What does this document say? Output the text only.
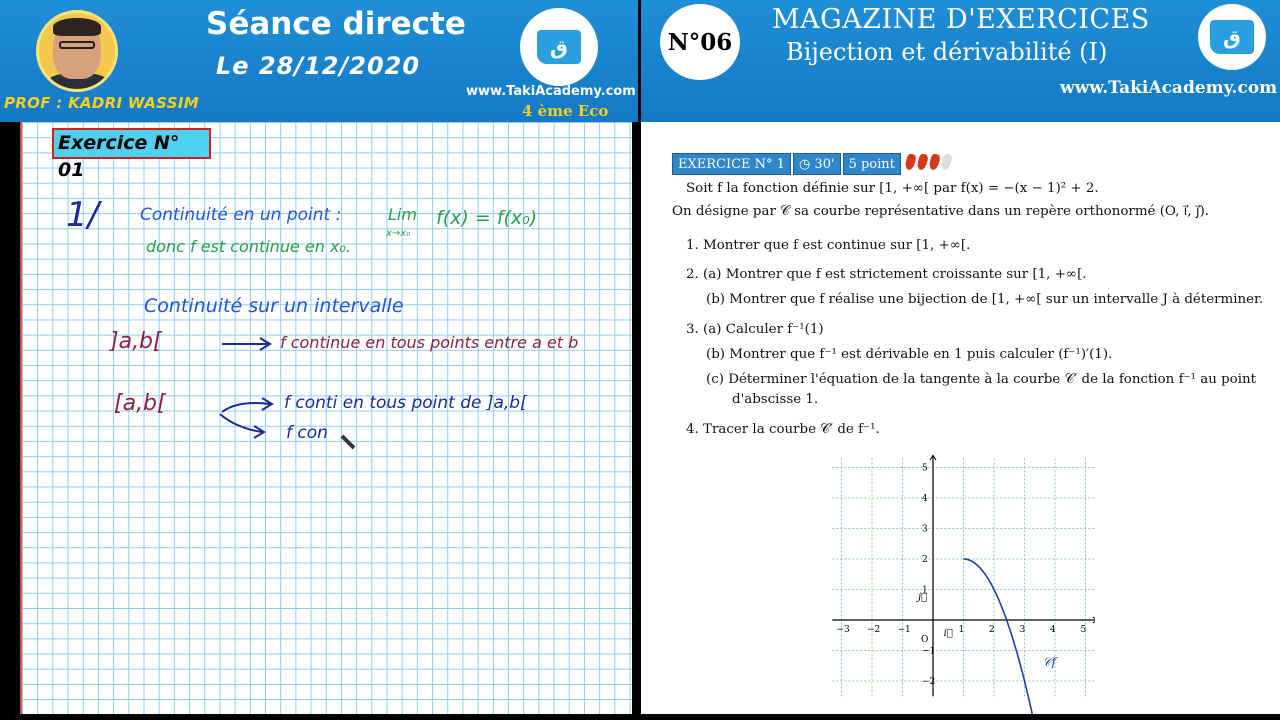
PROF : KADRI WASSIM
Séance directe
Le 28/12/2020
ق
www.TakiAcademy.com
4 ème Eco
Exercice N° 01
1/ Continuité en un point :	Lim
x→x₀
f(x) = f(x₀)
donc f est continue en x₀.
Continuité sur un intervalle
]a,b[	f continue en tous points entre a et b
[a,b[	f conti en tous point de ]a,b[
f con
N°06
MAGAZINE D'EXERCICES
Bijection et dérivabilité (I)
ق
www.TakiAcademy.com
EXERCICE N° 1	◷ 30'	5 point
Soit f la fonction définie sur [1, +∞[ par f(x) = −(x − 1)² + 2.
On désigne par 𝒞 sa courbe représentative dans un repère orthonormé (O, i⃗, j⃗).
1. Montrer que f est continue sur [1, +∞[.
2. (a) Montrer que f est strictement croissante sur [1, +∞[.
(b) Montrer que f réalise une bijection de [1, +∞[ sur un intervalle J à déterminer.
3. (a) Calculer f⁻¹(1)
(b) Montrer que f⁻¹ est dérivable en 1 puis calculer (f⁻¹)′(1).
(c) Déterminer l'équation de la tangente à la courbe 𝒞′ de la fonction f⁻¹ au point
d'abscisse 1.
4. Tracer la courbe 𝒞′ de f⁻¹.
−3 −2 −1	1	2	3	4	5
5
4
3
2
1
−1
−2
i⃗
j⃗
O
𝒞f
